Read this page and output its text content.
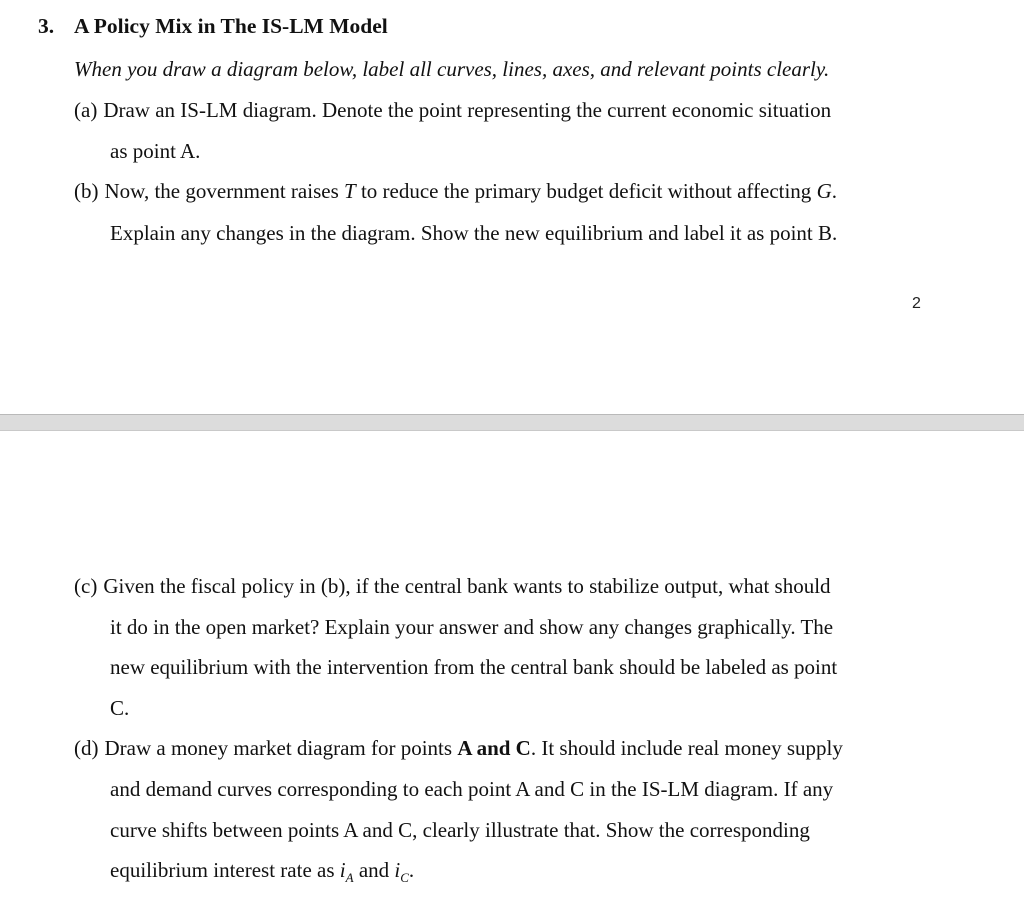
3. A Policy Mix in The IS-LM Model
When you draw a diagram below, label all curves, lines, axes, and relevant points clearly.
(a) Draw an IS-LM diagram. Denote the point representing the current economic situation
as point A.
(b) Now, the government raises T to reduce the primary budget deficit without affecting G.
Explain any changes in the diagram. Show the new equilibrium and label it as point B.
2
(c) Given the fiscal policy in (b), if the central bank wants to stabilize output, what should
it do in the open market? Explain your answer and show any changes graphically. The
new equilibrium with the intervention from the central bank should be labeled as point
C.
(d) Draw a money market diagram for points A and C. It should include real money supply
and demand curves corresponding to each point A and C in the IS-LM diagram. If any
curve shifts between points A and C, clearly illustrate that. Show the corresponding
equilibrium interest rate as $i_A$ and $i_C$.
